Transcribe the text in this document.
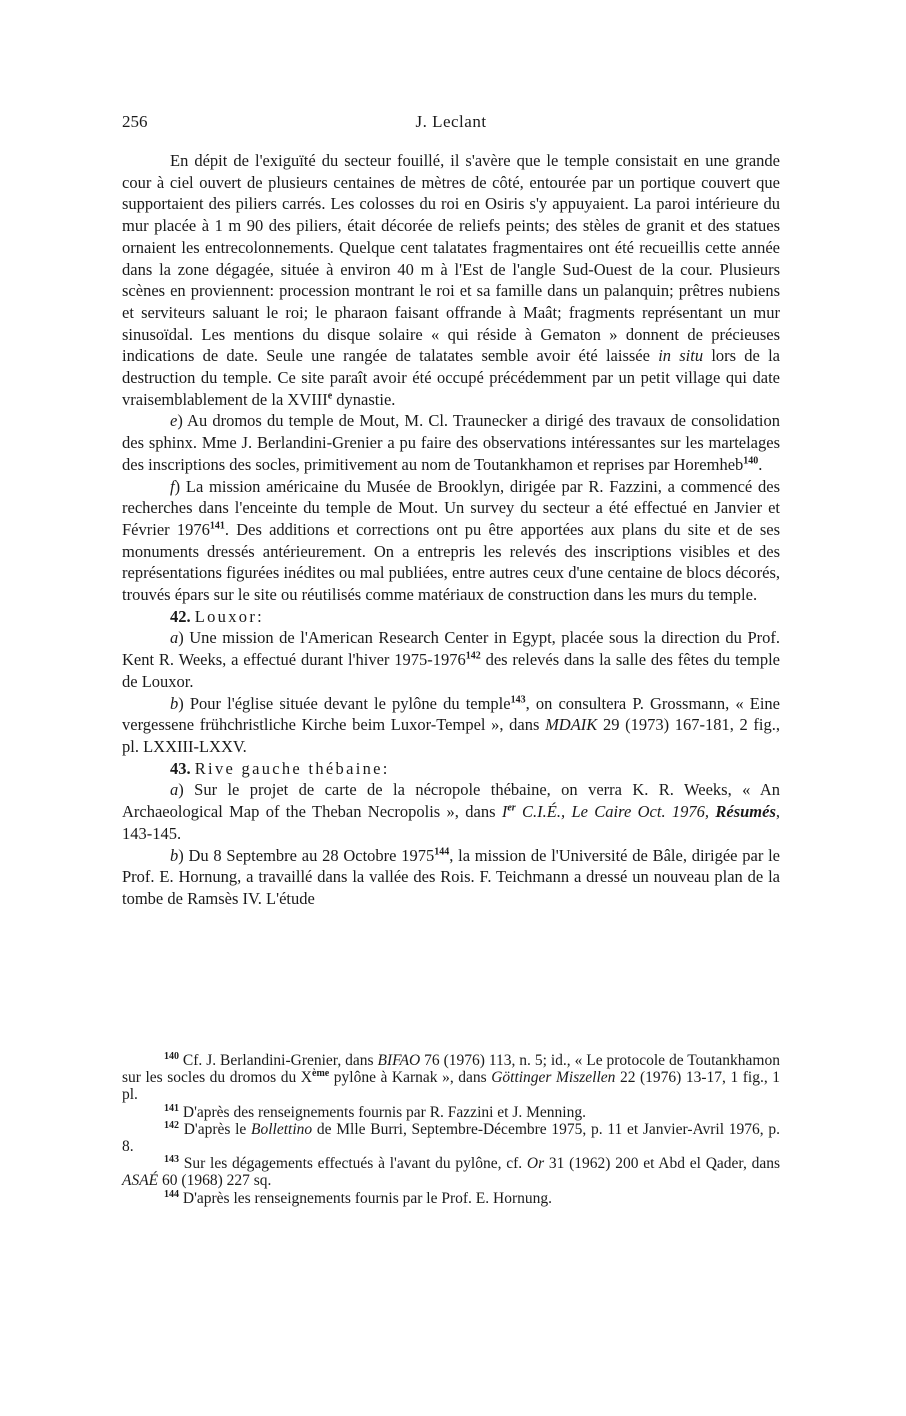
256	J. Leclant

En dépit de l'exiguïté du secteur fouillé, il s'avère que le temple consistait en une grande cour à ciel ouvert de plusieurs centaines de mètres de côté, entourée par un portique couvert que supportaient des piliers carrés. Les colosses du roi en Osiris s'y appuyaient. La paroi intérieure du mur placée à 1 m 90 des piliers, était décorée de reliefs peints; des stèles de granit et des statues ornaient les entrecolonnements. Quelque cent talatates fragmentaires ont été recueillis cette année dans la zone dégagée, située à environ 40 m à l'Est de l'angle Sud-Ouest de la cour. Plusieurs scènes en proviennent: procession montrant le roi et sa famille dans un palanquin; prêtres nubiens et serviteurs saluant le roi; le pharaon faisant offrande à Maât; fragments représentant un mur sinusoïdal. Les mentions du disque solaire « qui réside à Gematon » donnent de précieuses indications de date. Seule une rangée de talatates semble avoir été laissée in situ lors de la destruction du temple. Ce site paraît avoir été occupé précédemment par un petit village qui date vraisemblablement de la XVIIIe dynastie.

e) Au dromos du temple de Mout, M. Cl. Traunecker a dirigé des travaux de consolidation des sphinx. Mme J. Berlandini-Grenier a pu faire des observations intéressantes sur les martelages des inscriptions des socles, primitivement au nom de Toutankhamon et reprises par Horemheb$^{140}$.

f) La mission américaine du Musée de Brooklyn, dirigée par R. Fazzini, a commencé des recherches dans l'enceinte du temple de Mout. Un survey du secteur a été effectué en Janvier et Février 1976$^{141}$. Des additions et corrections ont pu être apportées aux plans du site et de ses monuments dressés antérieurement. On a entrepris les relevés des inscriptions visibles et des représentations figurées inédites ou mal publiées, entre autres ceux d'une centaine de blocs décorés, trouvés épars sur le site ou réutilisés comme matériaux de construction dans les murs du temple.

42. Louxor:

a) Une mission de l'American Research Center in Egypt, placée sous la direction du Prof. Kent R. Weeks, a effectué durant l'hiver 1975-1976$^{142}$ des relevés dans la salle des fêtes du temple de Louxor.

b) Pour l'église située devant le pylône du temple$^{143}$, on consultera P. Grossmann, « Eine vergessene frühchristliche Kirche beim Luxor-Tempel », dans MDAIK 29 (1973) 167-181, 2 fig., pl. LXXIII-LXXV.

43. Rive gauche thébaine:

a) Sur le projet de carte de la nécropole thébaine, on verra K. R. Weeks, « An Archaeological Map of the Theban Necropolis », dans Ier C.I.É., Le Caire Oct. 1976, Résumés, 143-145.

b) Du 8 Septembre au 28 Octobre 1975$^{144}$, la mission de l'Université de Bâle, dirigée par le Prof. E. Hornung, a travaillé dans la vallée des Rois. F. Teichmann a dressé un nouveau plan de la tombe de Ramsès IV. L'étude

$^{140}$ Cf. J. Berlandini-Grenier, dans BIFAO 76 (1976) 113, n. 5; id., « Le protocole de Toutankhamon sur les socles du dromos du Xème pylône à Karnak », dans Göttinger Miszellen 22 (1976) 13-17, 1 fig., 1 pl.

$^{141}$ D'après des renseignements fournis par R. Fazzini et J. Menning.

$^{142}$ D'après le Bollettino de Mlle Burri, Septembre-Décembre 1975, p. 11 et Janvier-Avril 1976, p. 8.

$^{143}$ Sur les dégagements effectués à l'avant du pylône, cf. Or 31 (1962) 200 et Abd el Qader, dans ASAÉ 60 (1968) 227 sq.

$^{144}$ D'après les renseignements fournis par le Prof. E. Hornung.
